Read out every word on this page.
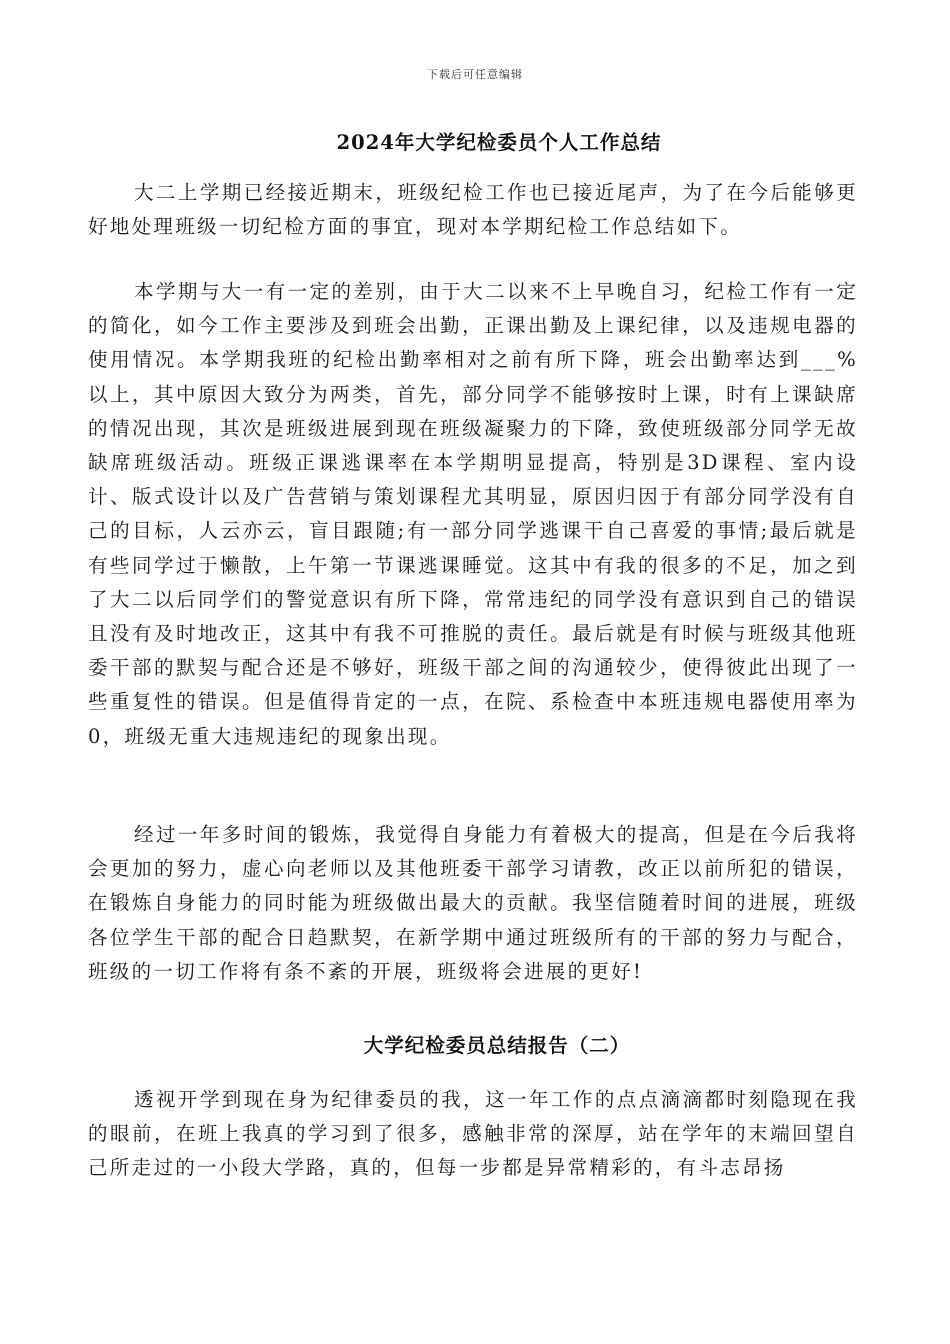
下载后可任意编辑
2024年大学纪检委员个人工作总结

大二上学期已经接近期末，班级纪检工作也已接近尾声，为了在今后能够更好地处理班级一切纪检方面的事宜，现对本学期纪检工作总结如下。

本学期与大一有一定的差别，由于大二以来不上早晚自习，纪检工作有一定的简化，如今工作主要涉及到班会出勤，正课出勤及上课纪律，以及违规电器的使用情况。本学期我班的纪检出勤率相对之前有所下降，班会出勤率达到___%以上，其中原因大致分为两类，首先，部分同学不能够按时上课，时有上课缺席的情况出现，其次是班级进展到现在班级凝聚力的下降，致使班级部分同学无故缺席班级活动。班级正课逃课率在本学期明显提高，特别是3D课程、室内设计、版式设计以及广告营销与策划课程尤其明显，原因归因于有部分同学没有自己的目标，人云亦云，盲目跟随;有一部分同学逃课干自己喜爱的事情;最后就是有些同学过于懒散，上午第一节课逃课睡觉。这其中有我的很多的不足，加之到了大二以后同学们的警觉意识有所下降，常常违纪的同学没有意识到自己的错误且没有及时地改正，这其中有我不可推脱的责任。最后就是有时候与班级其他班委干部的默契与配合还是不够好，班级干部之间的沟通较少，使得彼此出现了一些重复性的错误。但是值得肯定的一点，在院、系检查中本班违规电器使用率为0，班级无重大违规违纪的现象出现。

经过一年多时间的锻炼，我觉得自身能力有着极大的提高，但是在今后我将会更加的努力，虚心向老师以及其他班委干部学习请教，改正以前所犯的错误，在锻炼自身能力的同时能为班级做出最大的贡献。我坚信随着时间的进展，班级各位学生干部的配合日趋默契，在新学期中通过班级所有的干部的努力与配合，班级的一切工作将有条不紊的开展，班级将会进展的更好!

大学纪检委员总结报告（二）

透视开学到现在身为纪律委员的我，这一年工作的点点滴滴都时刻隐现在我的眼前，在班上我真的学习到了很多，感触非常的深厚，站在学年的末端回望自己所走过的一小段大学路，真的，但每一步都是异常精彩的，有斗志昂扬
